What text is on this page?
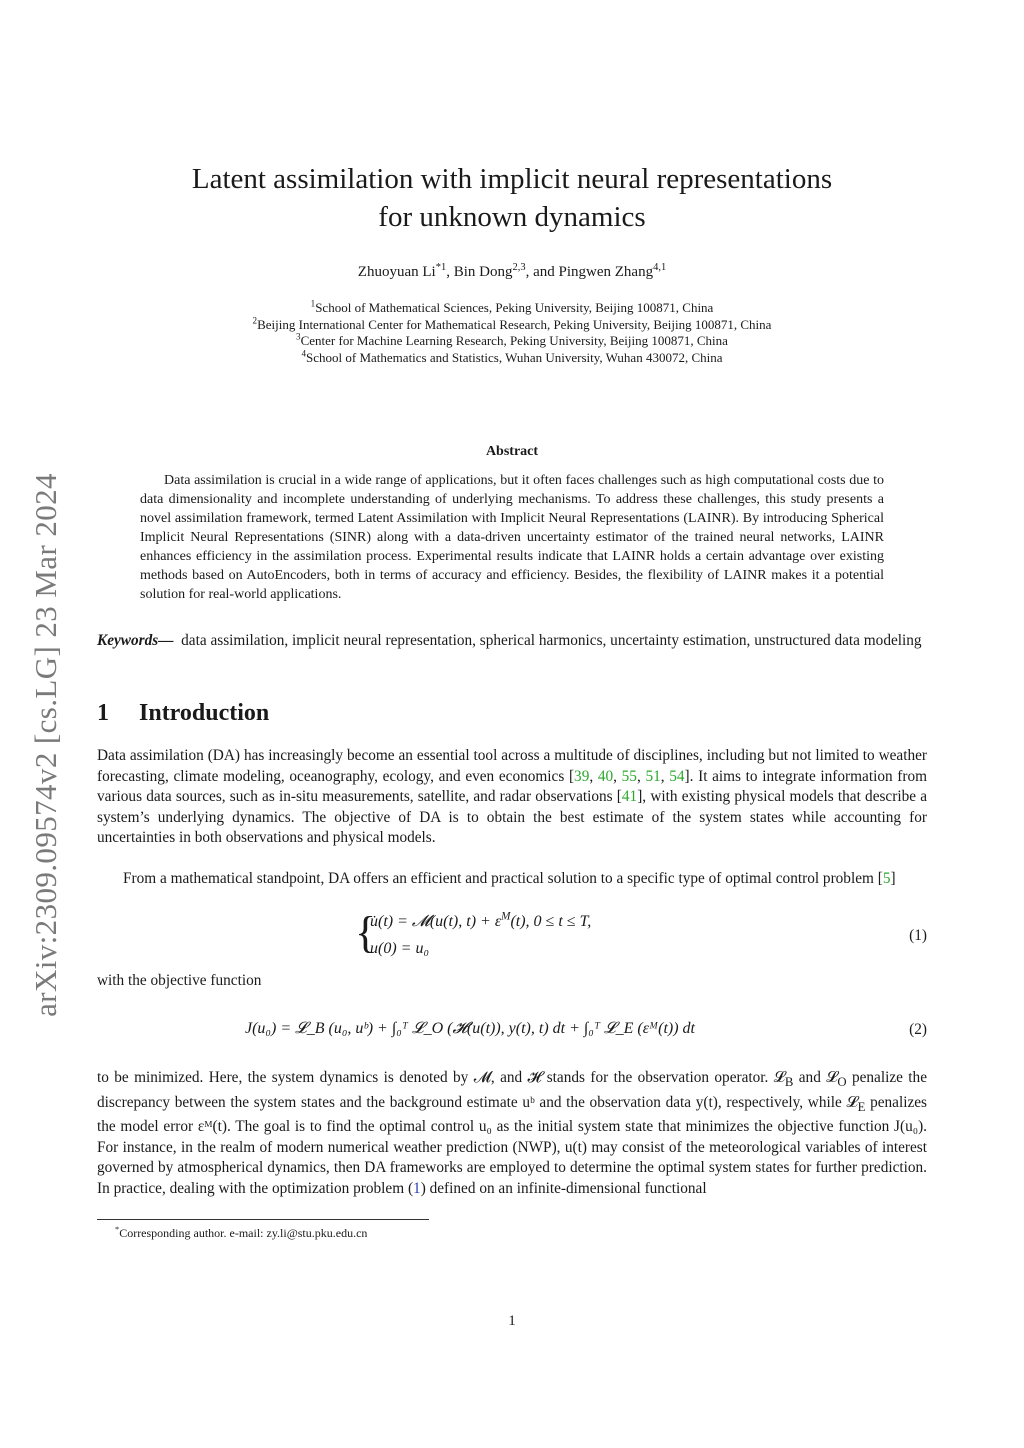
arXiv:2309.09574v2 [cs.LG] 23 Mar 2024
Latent assimilation with implicit neural representations
for unknown dynamics
Zhuoyuan Li$^{*1}$, Bin Dong$^{2,3}$, and Pingwen Zhang$^{4,1}$
$^1$School of Mathematical Sciences, Peking University, Beijing 100871, China
$^2$Beijing International Center for Mathematical Research, Peking University, Beijing 100871, China
$^3$Center for Machine Learning Research, Peking University, Beijing 100871, China
$^4$School of Mathematics and Statistics, Wuhan University, Wuhan 430072, China
Abstract

Data assimilation is crucial in a wide range of applications, but it often faces challenges such as high computational costs due to data dimensionality and incomplete understanding of underlying mechanisms. To address these challenges, this study presents a novel assimilation framework, termed Latent Assimilation with Implicit Neural Representations (LAINR). By introducing Spherical Implicit Neural Representations (SINR) along with a data-driven uncertainty estimator of the trained neural networks, LAINR enhances efficiency in the assimilation process. Experimental results indicate that LAINR holds a certain advantage over existing methods based on AutoEncoders, both in terms of accuracy and efficiency. Besides, the flexibility of LAINR makes it a potential solution for real-world applications.

Keywords— data assimilation, implicit neural representation, spherical harmonics, uncertainty estimation, unstructured data modeling

1 Introduction

Data assimilation (DA) has increasingly become an essential tool across a multitude of disciplines, including but not limited to weather forecasting, climate modeling, oceanography, ecology, and even economics [39, 40, 55, 51, 54]. It aims to integrate information from various data sources, such as in-situ measurements, satellite, and radar observations [41], with existing physical models that describe a system’s underlying dynamics. The objective of DA is to obtain the best estimate of the system states while accounting for uncertainties in both observations and physical models.

From a mathematical standpoint, DA offers an efficient and practical solution to a specific type of optimal control problem [5]

{
u̇(t) = 𝓜(u(t), $t) + \varepsilon^M(t)$, 0 ≤ t ≤ T,
u(0) = u₀
(1)

with the objective function

J(u₀) = 𝓛_B (u₀, uᵇ) + ∫₀ᵀ 𝓛_O (𝓗(u(t)), y(t), t) dt + ∫₀ᵀ 𝓛_E (εᴹ(t)) dt	(2)

to be minimized. Here, the system dynamics is denoted by 𝓜, and 𝓗 stands for the observation operator. 𝓛$_B$ and 𝓛$_O$ penalize the discrepancy between the system states and the background estimate uᵇ and the observation data y(t), respectively, while 𝓛$_E$ penalizes the model error εᴹ(t). The goal is to find the optimal control u₀ as the initial system state that minimizes the objective function J(u₀). For instance, in the realm of modern numerical weather prediction (NWP), u(t) may consist of the meteorological variables of interest governed by atmospherical dynamics, then DA frameworks are employed to determine the optimal system states for further prediction. In practice, dealing with the optimization problem (1) defined on an infinite-dimensional functional

*Corresponding author. e-mail: zy.li@stu.pku.edu.cn
1
